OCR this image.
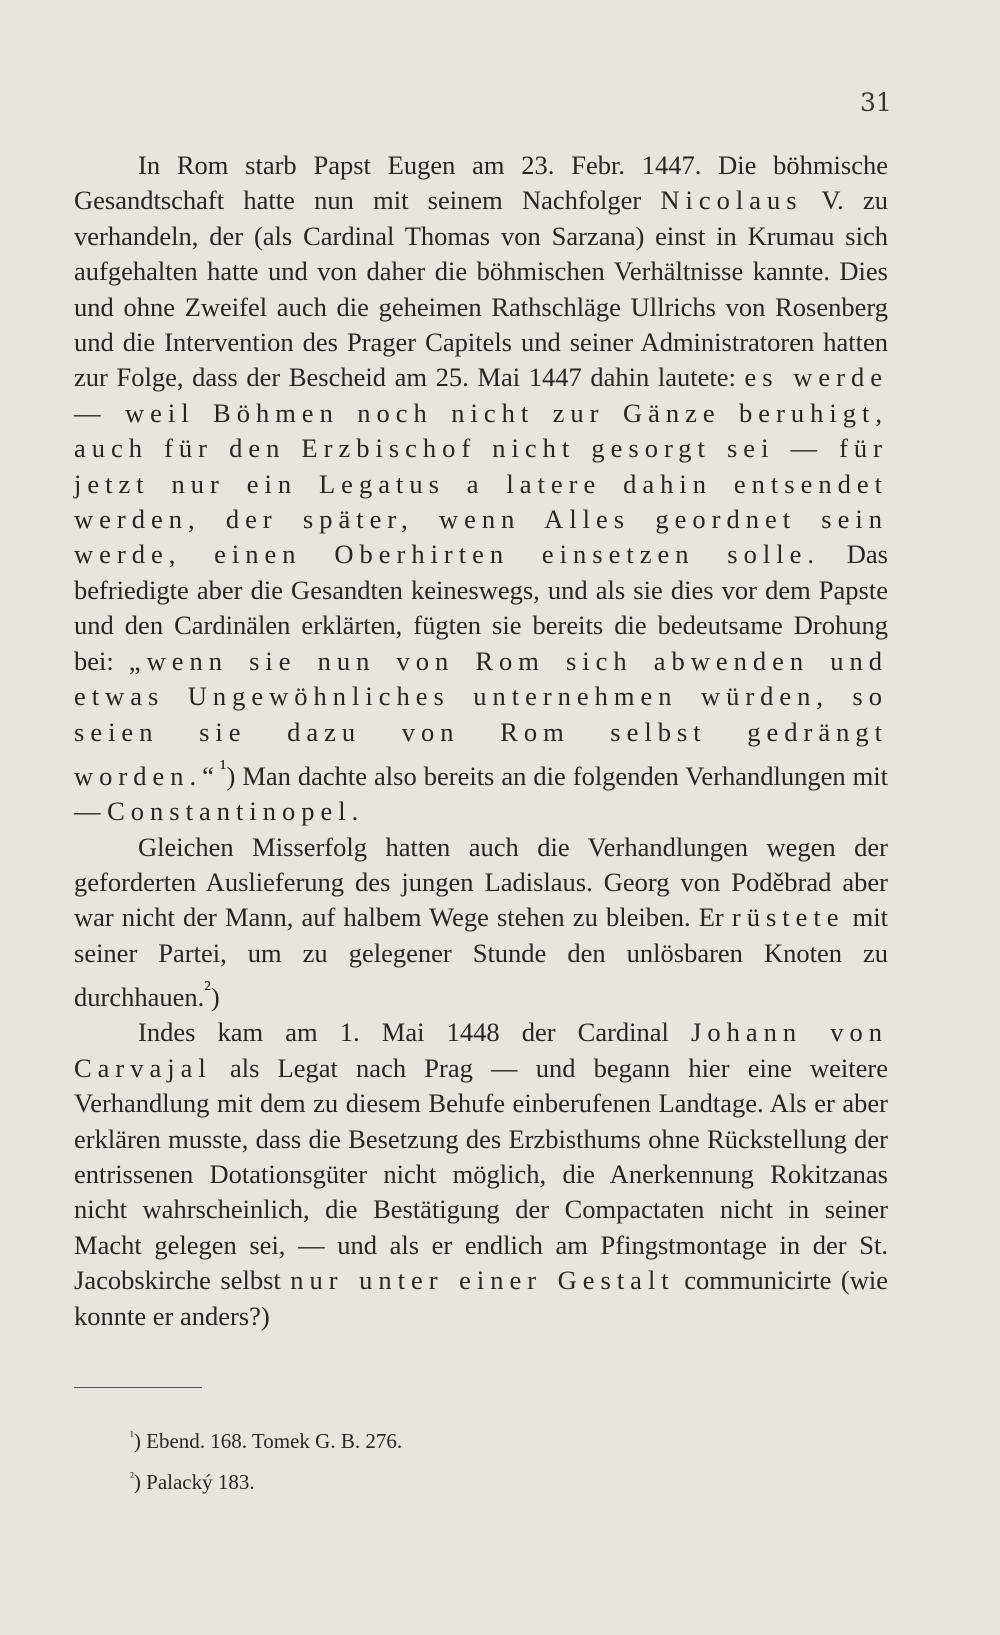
31

In Rom starb Papst Eugen am 23. Febr. 1447. Die böhmische Gesandtschaft hatte nun mit seinem Nachfolger Nicolaus V. zu verhandeln, der (als Cardinal Thomas von Sarzana) einst in Krumau sich aufgehalten hatte und von daher die böhmischen Verhältnisse kannte. Dies und ohne Zweifel auch die geheimen Rathschläge Ullrichs von Rosenberg und die Intervention des Prager Capitels und seiner Administratoren hatten zur Folge, dass der Bescheid am 25. Mai 1447 dahin lautete: es werde — weil Böhmen noch nicht zur Gänze beruhigt, auch für den Erzbischof nicht gesorgt sei — für jetzt nur ein Legatus a latere dahin entsendet werden, der später, wenn Alles geordnet sein werde, einen Oberhirten einsetzen solle. Das befriedigte aber die Gesandten keineswegs, und als sie dies vor dem Papste und den Cardinälen erklärten, fügten sie bereits die bedeutsame Drohung bei: „wenn sie nun von Rom sich abwenden und etwas Ungewöhnliches unternehmen würden, so seien sie dazu von Rom selbst gedrängt worden.“$^{^1}$) Man dachte also bereits an die folgenden Verhandlungen mit — Constantinopel.

Gleichen Misserfolg hatten auch die Verhandlungen wegen der geforderten Auslieferung des jungen Ladislaus. Georg von Poděbrad aber war nicht der Mann, auf halbem Wege stehen zu bleiben. Er rüstete mit seiner Partei, um zu gelegener Stunde den unlösbaren Knoten zu durchhauen.$^{^2}$)

Indes kam am 1. Mai 1448 der Cardinal Johann von Carvajal als Legat nach Prag — und begann hier eine weitere Verhandlung mit dem zu diesem Behufe einberufenen Landtage. Als er aber erklären musste, dass die Besetzung des Erzbisthums ohne Rückstellung der entrissenen Dotationsgüter nicht möglich, die Anerkennung Rokitzanas nicht wahrscheinlich, die Bestätigung der Compactaten nicht in seiner Macht gelegen sei, — und als er endlich am Pfingstmontage in der St. Jacobskirche selbst nur unter einer Gestalt communicirte (wie konnte er anders?)

$^{^1}$) Ebend. 168. Tomek G. B. 276.
$^{^2}$) Palacký 183.
